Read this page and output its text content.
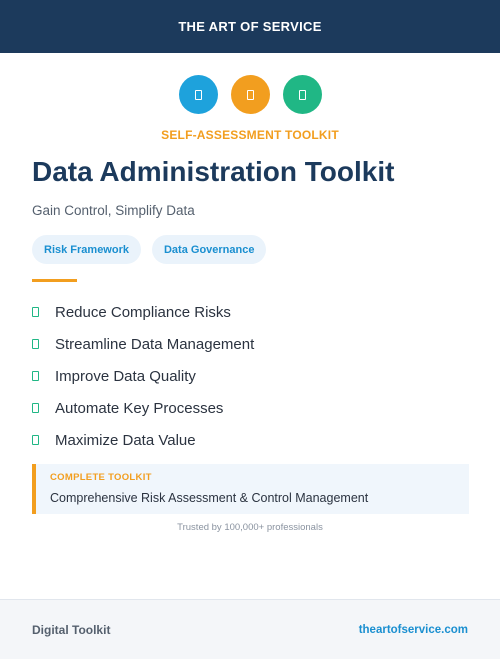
THE ART OF SERVICE
SELF-ASSESSMENT TOOLKIT
Data Administration Toolkit
Gain Control, Simplify Data
Risk Framework	Data Governance
Reduce Compliance Risks
Streamline Data Management
Improve Data Quality
Automate Key Processes
Maximize Data Value
COMPLETE TOOLKIT
Comprehensive Risk Assessment & Control Management
Trusted by 100,000+ professionals
Digital Toolkit	theartofservice.com
